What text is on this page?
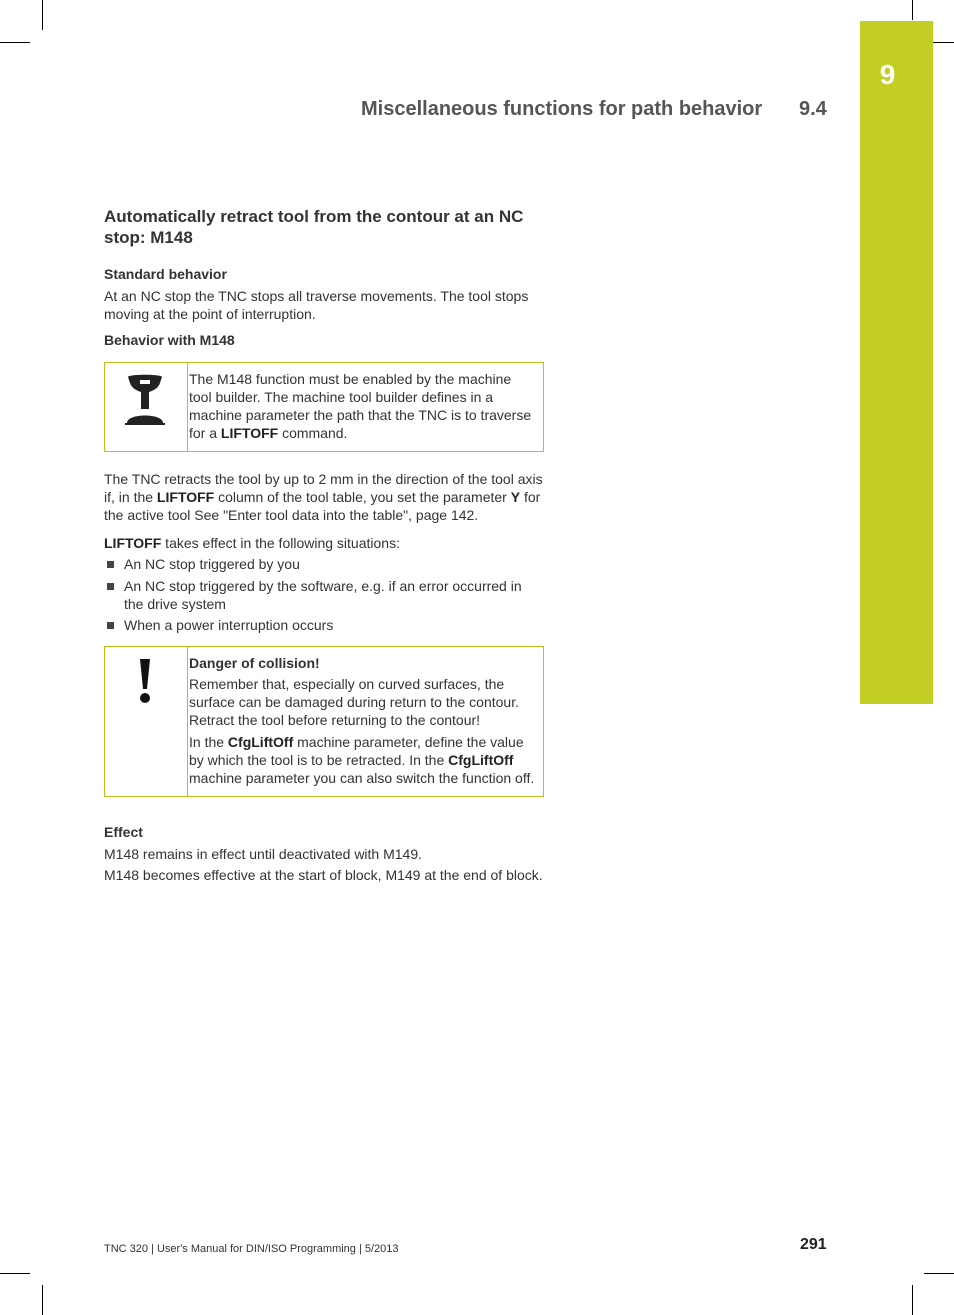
9
Miscellaneous functions for path behavior 9.4
Automatically retract tool from the contour at an NC stop: M148
Standard behavior

At an NC stop the TNC stops all traverse movements. The tool stops moving at the point of interruption.

Behavior with M148

The M148 function must be enabled by the machine tool builder. The machine tool builder defines in a machine parameter the path that the TNC is to traverse for a LIFTOFF command.

The TNC retracts the tool by up to 2 mm in the direction of the tool axis if, in the LIFTOFF column of the tool table, you set the parameter Y for the active tool See "Enter tool data into the table", page 142.

LIFTOFF takes effect in the following situations:

An NC stop triggered by you
An NC stop triggered by the software, e.g. if an error occurred in the drive system
When a power interruption occurs
Danger of collision!

Remember that, especially on curved surfaces, the surface can be damaged during return to the contour. Retract the tool before returning to the contour!

In the CfgLiftOff machine parameter, define the value by which the tool is to be retracted. In the CfgLiftOff machine parameter you can also switch the function off.

Effect

M148 remains in effect until deactivated with M149.

M148 becomes effective at the start of block, M149 at the end of block.

TNC 320 | User's Manual for DIN/ISO Programming | 5/2013	291
